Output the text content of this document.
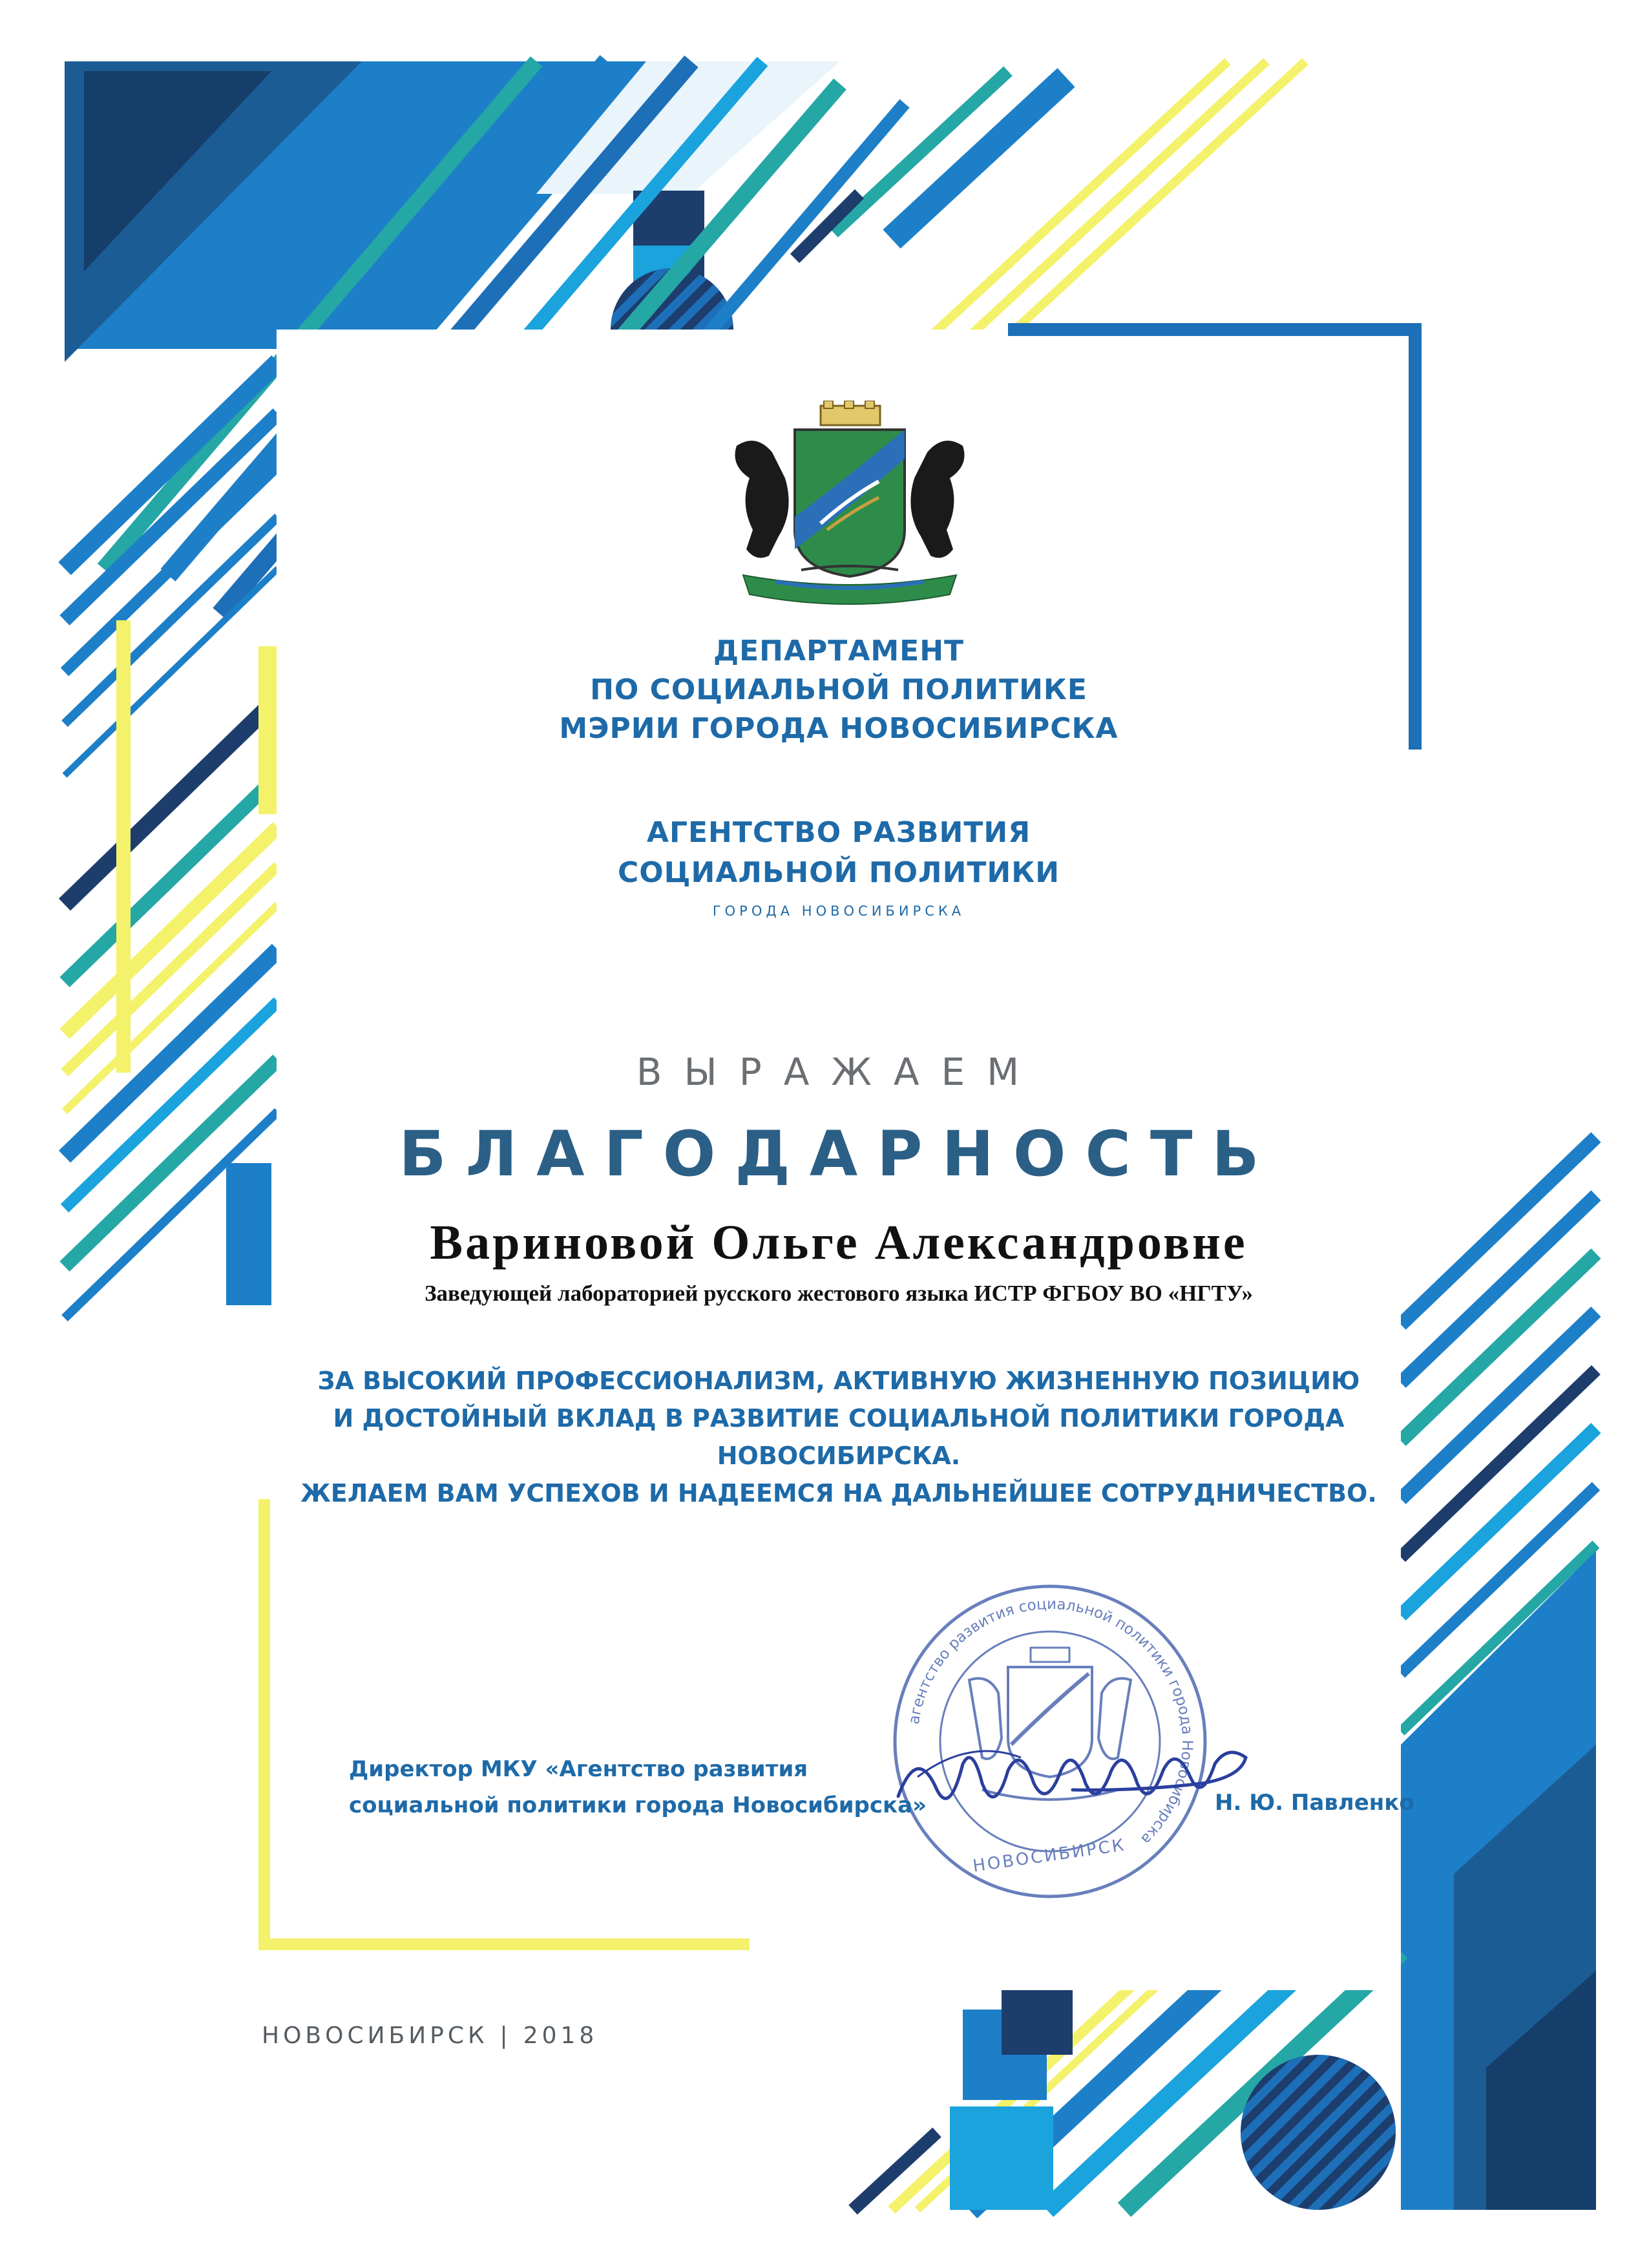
ДЕПАРТАМЕНТ
ПО СОЦИАЛЬНОЙ ПОЛИТИКЕ
МЭРИИ ГОРОДА НОВОСИБИРСКА
АГЕНТСТВО РАЗВИТИЯ
СОЦИАЛЬНОЙ ПОЛИТИКИ
ГОРОДА НОВОСИБИРСКА
ВЫРАЖАЕМ
БЛАГОДАРНОСТЬ
Вариновой Ольге Александровне
Заведующей лабораторией русского жестового языка ИСТР ФГБОУ ВО «НГТУ»
ЗА ВЫСОКИЙ ПРОФЕССИОНАЛИЗМ, АКТИВНУЮ ЖИЗНЕННУЮ ПОЗИЦИЮ
И ДОСТОЙНЫЙ ВКЛАД В РАЗВИТИЕ СОЦИАЛЬНОЙ ПОЛИТИКИ ГОРОДА НОВОСИБИРСКА.
ЖЕЛАЕМ ВАМ УСПЕХОВ И НАДЕЕМСЯ НА ДАЛЬНЕЙШЕЕ СОТРУДНИЧЕСТВО.
агентство развития социальной политики города Новосибирска
НОВОСИБИРСК
Директор МКУ «Агентство развития
социальной политики города Новосибирска»	Н. Ю. Павленко
НОВОСИБИРСК | 2018
